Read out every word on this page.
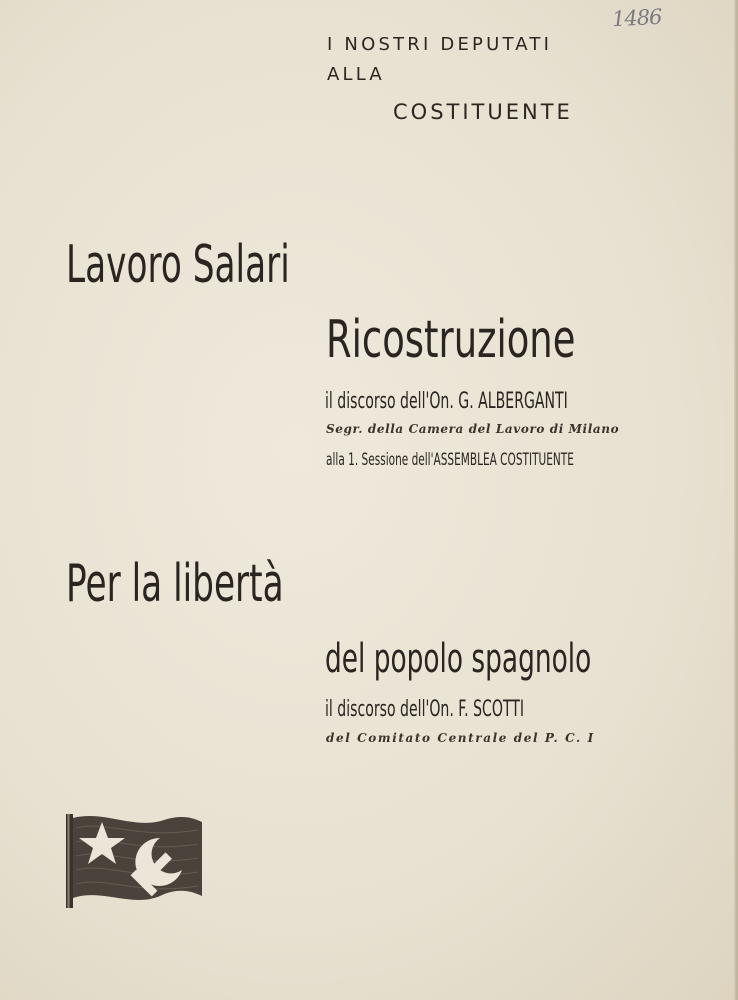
1486
I NOSTRI DEPUTATI
ALLA
COSTITUENTE
Lavoro Salari
Ricostruzione
il discorso dell'On. G. ALBERGANTI
Segr. della Camera del Lavoro di Milano
alla 1. Sessione dell'ASSEMBLEA COSTITUENTE
Per la libertà
del popolo spagnolo
il discorso dell'On. F. SCOTTI
del Comitato Centrale del P. C. I
